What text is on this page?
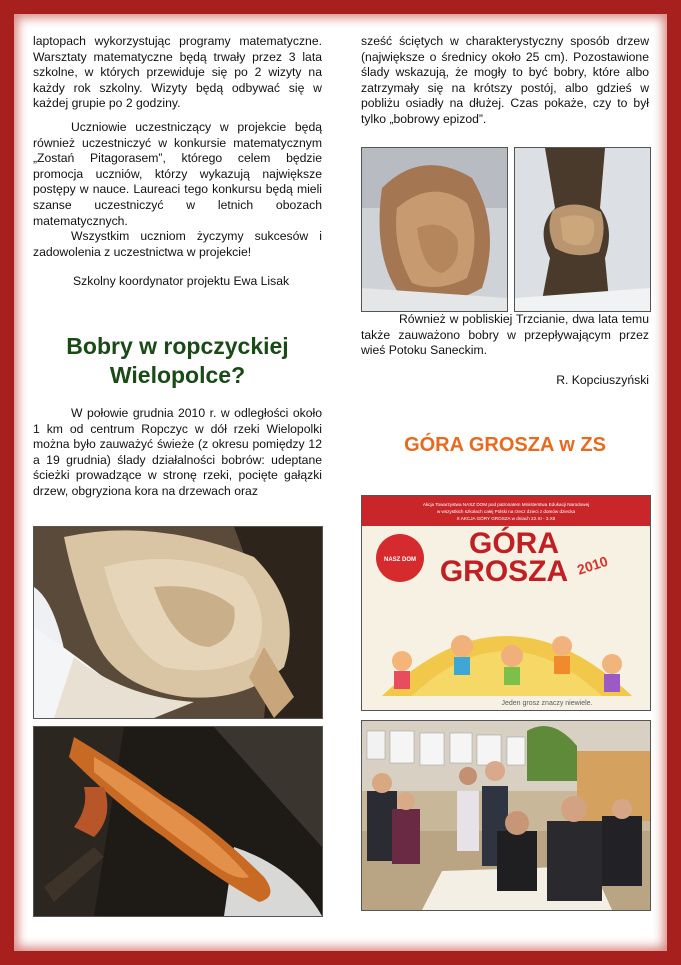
laptopach wykorzystując programy matematyczne. Warsztaty matematyczne będą trwały przez 3 lata szkolne, w których przewiduje się po 2 wizyty na każdy rok szkolny. Wizyty będą odbywać się w każdej grupie po 2 godziny.

Uczniowie uczestniczący w projekcie będą również uczestniczyć w konkursie matematycznym „Zostań Pitagorasem”, którego celem będzie promocja uczniów, którzy wykazują największe postępy w nauce. Laureaci tego konkursu będą mieli szanse uczestniczyć w letnich obozach matematycznych.

Wszystkim uczniom życzymy sukcesów i zadowolenia z uczestnictwa w projekcie!

Szkolny koordynator projektu Ewa Lisak

Bobry w ropczyckiej Wielopolce?

W połowie grudnia 2010 r. w odległości około 1 km od centrum Ropczyc w dół rzeki Wielopolki można było zauważyć świeże (z okresu pomiędzy 12 a 19 grudnia) ślady działalności bobrów: udeptane ścieżki prowadzące w stronę rzeki, pocięte gałązki drzew, obgryziona kora na drzewach oraz

sześć ściętych w charakterystyczny sposób drzew (największe o średnicy około 25 cm). Pozostawione ślady wskazują, że mogły to być bobry, które albo zatrzymały się na krótszy postój, albo gdzieś w pobliżu osiadły na dłużej. Czas pokaże, czy to był tylko „bobrowy epizod”.

Również w pobliskiej Trzcianie, dwa lata temu także zauważono bobry w przepływającym przez wieś Potoku Saneckim.

R. Kopciuszyński

GÓRA GROSZA w ZS
Akcja Towarzystwa NASZ DOM pod patronatem Ministerstwa Edukacji Narodowej
w wszystkich szkołach całej Polski na rzecz dzieci z domów dziecka
X AKCJA GÓRY GROSZA w dniach 22.XI - 3.XII
NASZ DOM GÓRA
GROSZA 2010
Jeden grosz znaczy niewiele.
